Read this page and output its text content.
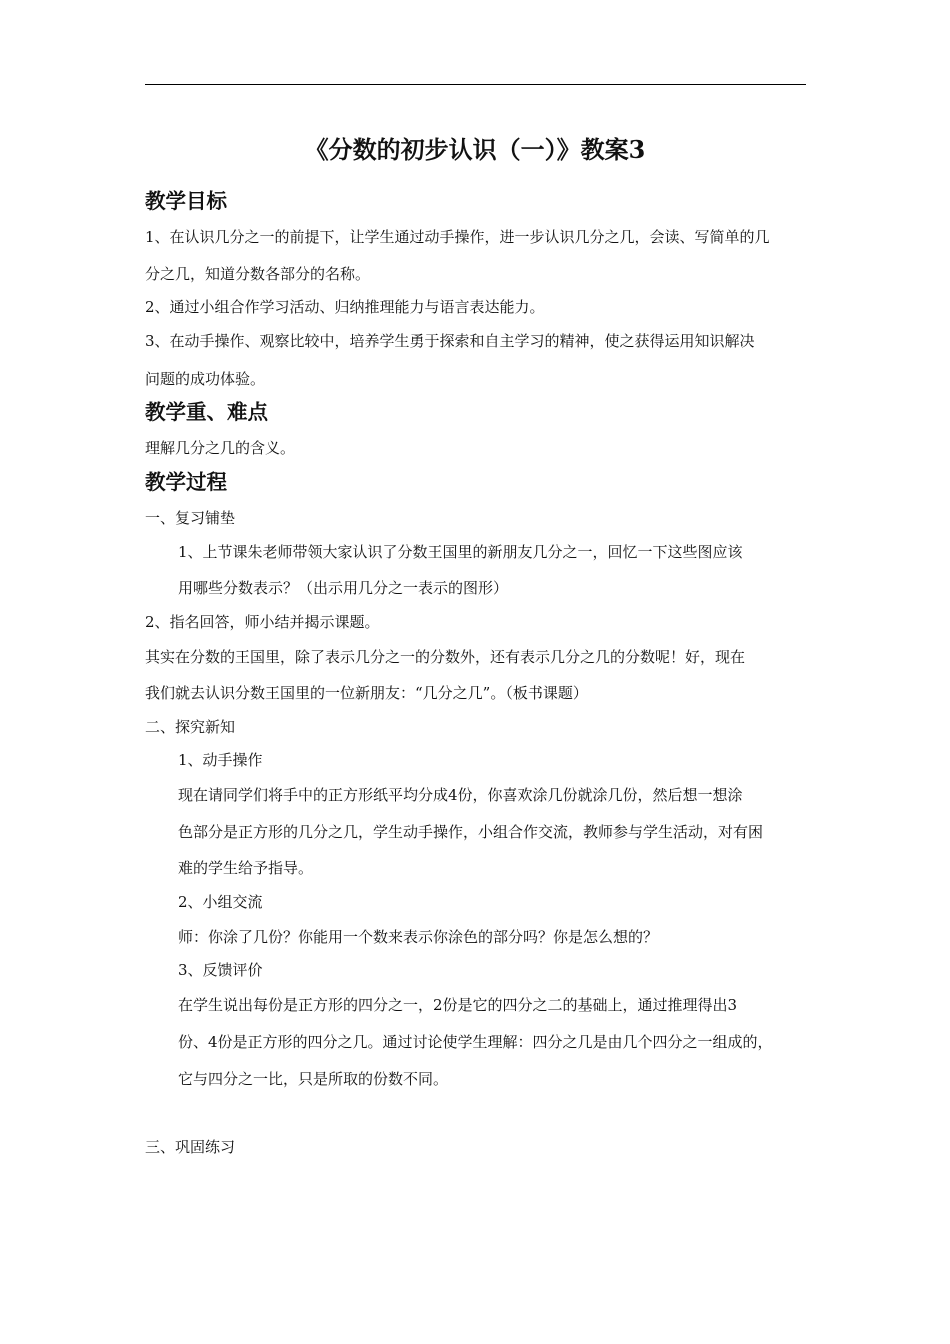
《分数的初步认识（一）》教案3
教学目标
1、在认识几分之一的前提下，让学生通过动手操作，进一步认识几分之几，会读、写简单的几
分之几，知道分数各部分的名称。
2、通过小组合作学习活动、归纳推理能力与语言表达能力。
3、在动手操作、观察比较中，培养学生勇于探索和自主学习的精神，使之获得运用知识解决
问题的成功体验。
教学重、难点
理解几分之几的含义。
教学过程
一、复习铺垫
1、上节课朱老师带领大家认识了分数王国里的新朋友几分之一，回忆一下这些图应该
用哪些分数表示？（出示用几分之一表示的图形）
2、指名回答，师小结并揭示课题。
其实在分数的王国里，除了表示几分之一的分数外，还有表示几分之几的分数呢！好，现在
我们就去认识分数王国里的一位新朋友：“几分之几”。（板书课题）
二、探究新知
1、动手操作
现在请同学们将手中的正方形纸平均分成4份，你喜欢涂几份就涂几份，然后想一想涂
色部分是正方形的几分之几，学生动手操作，小组合作交流，教师参与学生活动，对有困
难的学生给予指导。
2、小组交流
师：你涂了几份？你能用一个数来表示你涂色的部分吗？你是怎么想的？
3、反馈评价
在学生说出每份是正方形的四分之一，2份是它的四分之二的基础上，通过推理得出3
份、4份是正方形的四分之几。通过讨论使学生理解：四分之几是由几个四分之一组成的，
它与四分之一比，只是所取的份数不同。
三、巩固练习
